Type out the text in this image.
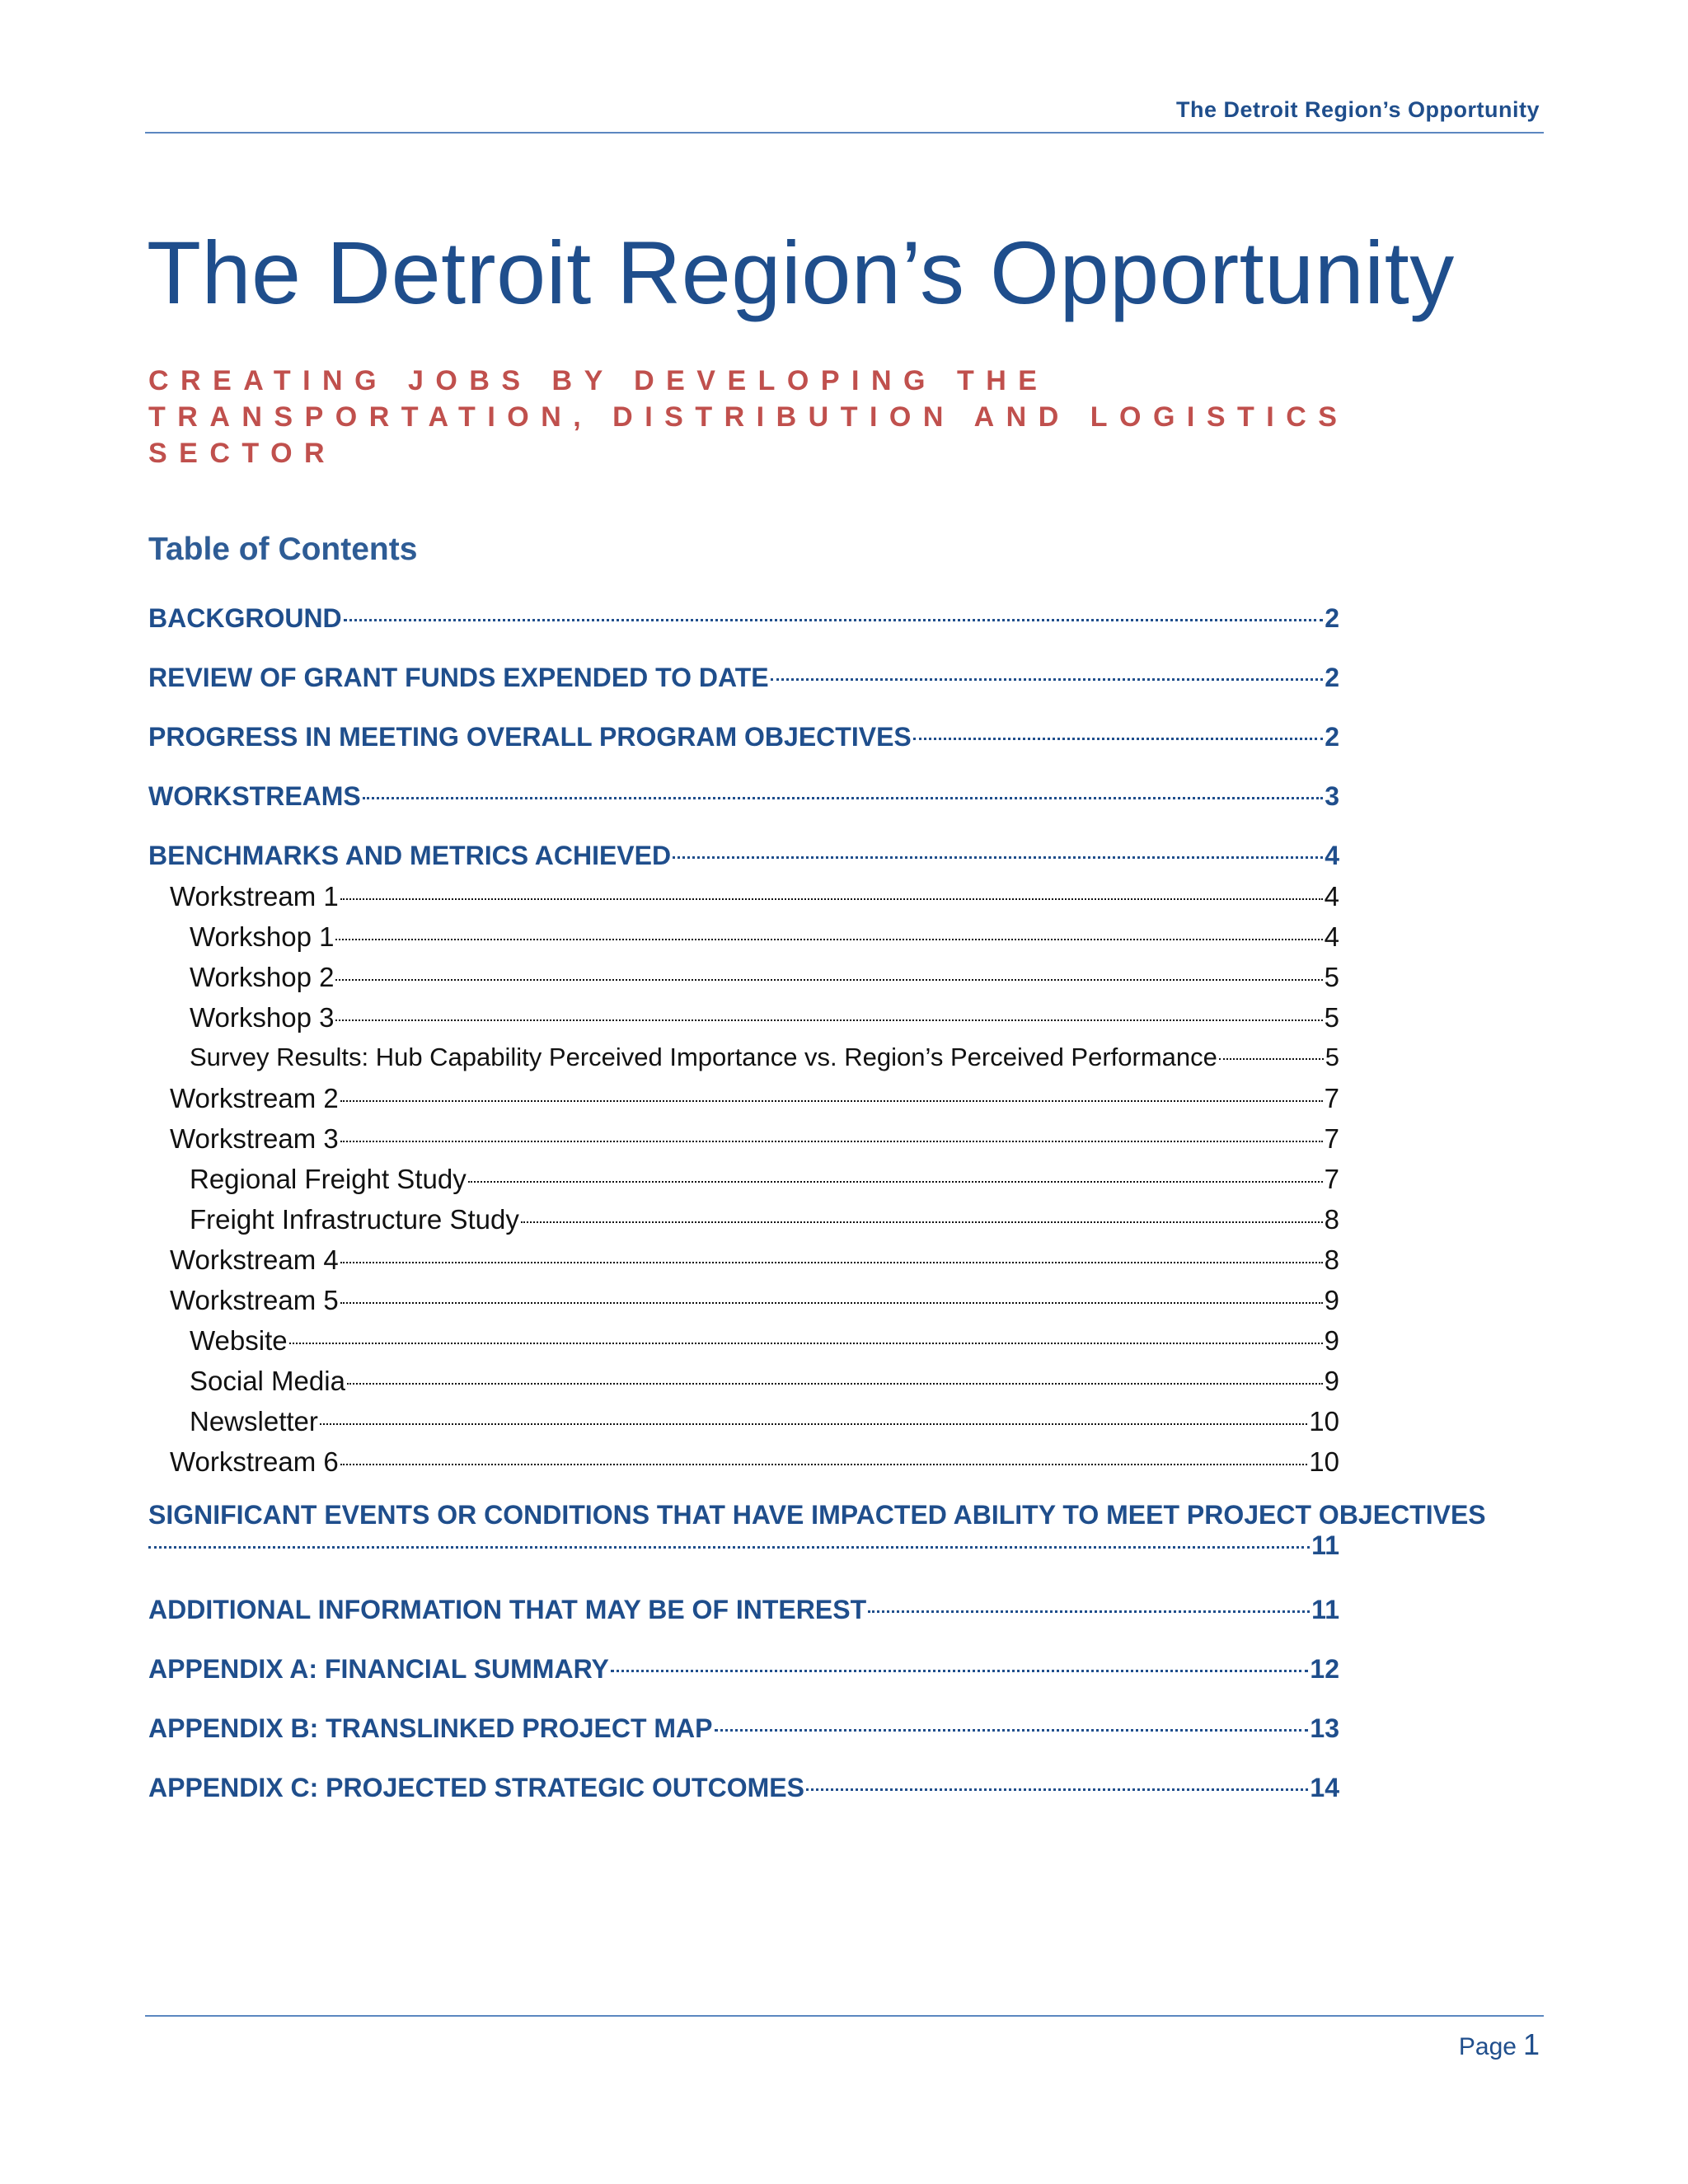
The Detroit Region’s Opportunity
The Detroit Region’s Opportunity
CREATING JOBS BY DEVELOPING THE TRANSPORTATION, DISTRIBUTION AND LOGISTICS SECTOR
Table of Contents
BACKGROUND	2
REVIEW OF GRANT FUNDS EXPENDED TO DATE	2
PROGRESS IN MEETING OVERALL PROGRAM OBJECTIVES	2
WORKSTREAMS	3
BENCHMARKS AND METRICS ACHIEVED	4
Workstream 1	4
Workshop 1	4
Workshop 2	5
Workshop 3	5
Survey Results: Hub Capability Perceived Importance vs. Region’s Perceived Performance	5
Workstream 2	7
Workstream 3	7
Regional Freight Study	7
Freight Infrastructure Study	8
Workstream 4	8
Workstream 5	9
Website	9
Social Media	9
Newsletter	10
Workstream 6	10
SIGNIFICANT EVENTS OR CONDITIONS THAT HAVE IMPACTED ABILITY TO MEET PROJECT OBJECTIVES
11
ADDITIONAL INFORMATION THAT MAY BE OF INTEREST	11
APPENDIX A: FINANCIAL SUMMARY	12
APPENDIX B: TRANSLINKED PROJECT MAP	13
APPENDIX C: PROJECTED STRATEGIC OUTCOMES	14
Page 1
